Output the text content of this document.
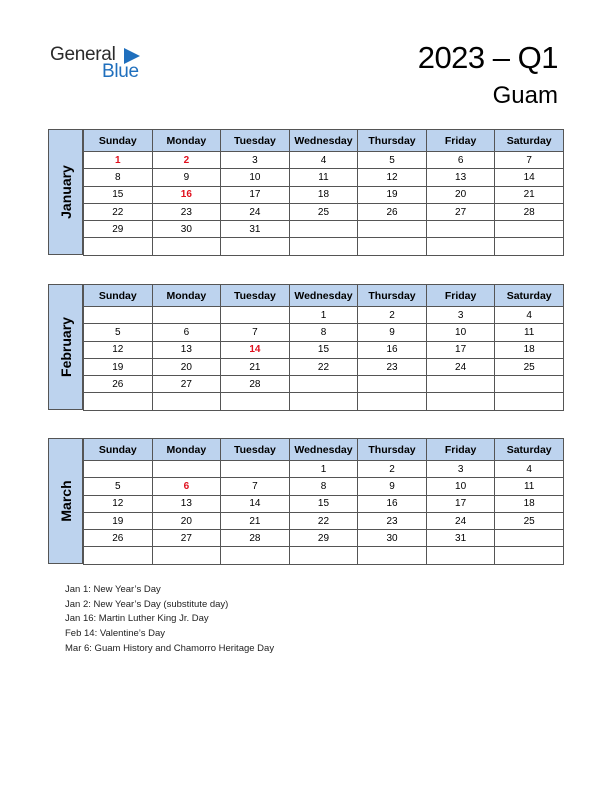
General
Blue	2023 – Q1
Guam
January
Sunday	Monday	Tuesday	Wednesday	Thursday	Friday	Saturday
1	2	3	4	5	6	7
8	9	10	11	12	13	14
15	16	17	18	19	20	21
22	23	24	25	26	27	28
29	30	31				

February
Sunday	Monday	Tuesday	Wednesday	Thursday	Friday	Saturday
			1	2	3	4
5	6	7	8	9	10	11
12	13	14	15	16	17	18
19	20	21	22	23	24	25
26	27	28				

March
Sunday	Monday	Tuesday	Wednesday	Thursday	Friday	Saturday
			1	2	3	4
5	6	7	8	9	10	11
12	13	14	15	16	17	18
19	20	21	22	23	24	25
26	27	28	29	30	31	

Jan 1: New Year’s Day
Jan 2: New Year’s Day (substitute day)
Jan 16: Martin Luther King Jr. Day
Feb 14: Valentine’s Day
Mar 6: Guam History and Chamorro Heritage Day
